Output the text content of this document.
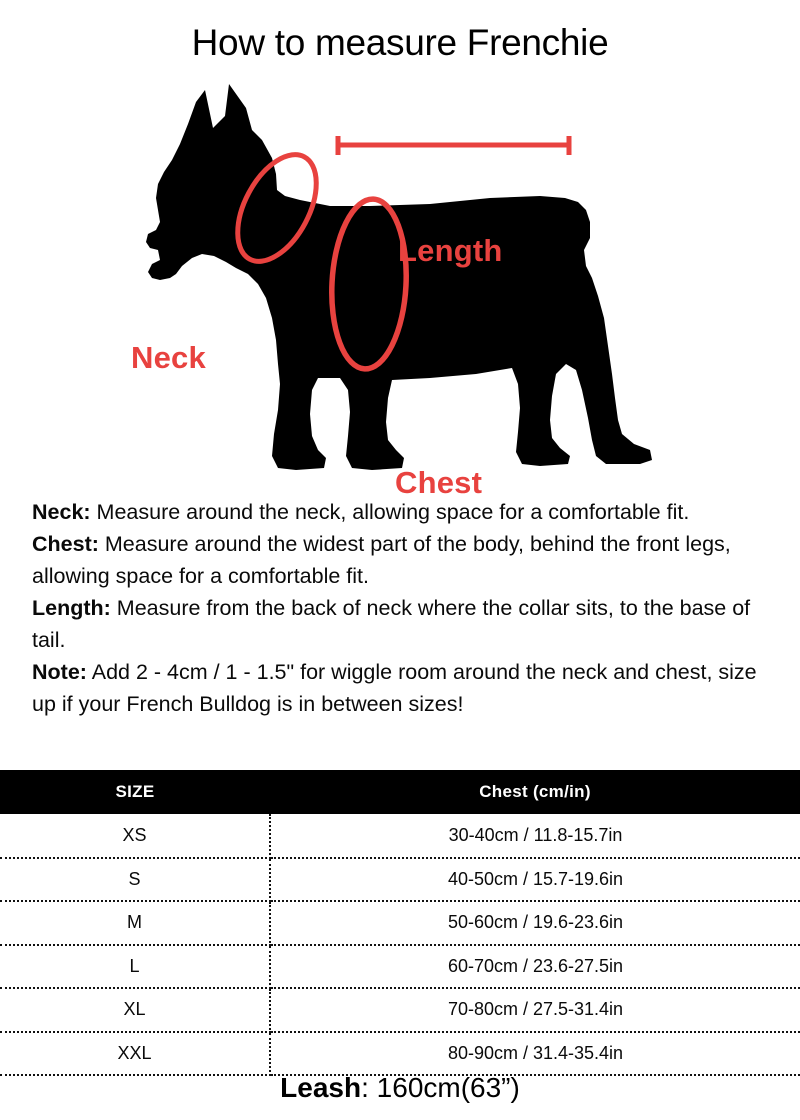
How to measure Frenchie
Neck
Length
Chest

Neck: Measure around the neck, allowing space for a comfortable fit.

Chest: Measure around the widest part of the body, behind the front legs, allowing space for a comfortable fit.

Length: Measure from the back of neck where the collar sits, to the base of tail.

Note: Add 2 - 4cm / 1 - 1.5" for wiggle room around the neck and chest, size up if your French Bulldog is in between sizes!

SIZE	Chest (cm/in)
XS	30-40cm / 11.8-15.7in
S	40-50cm / 15.7-19.6in
M	50-60cm / 19.6-23.6in
L	60-70cm / 23.6-27.5in
XL	70-80cm / 27.5-31.4in
XXL	80-90cm / 31.4-35.4in
Leash: 160cm(63”)
